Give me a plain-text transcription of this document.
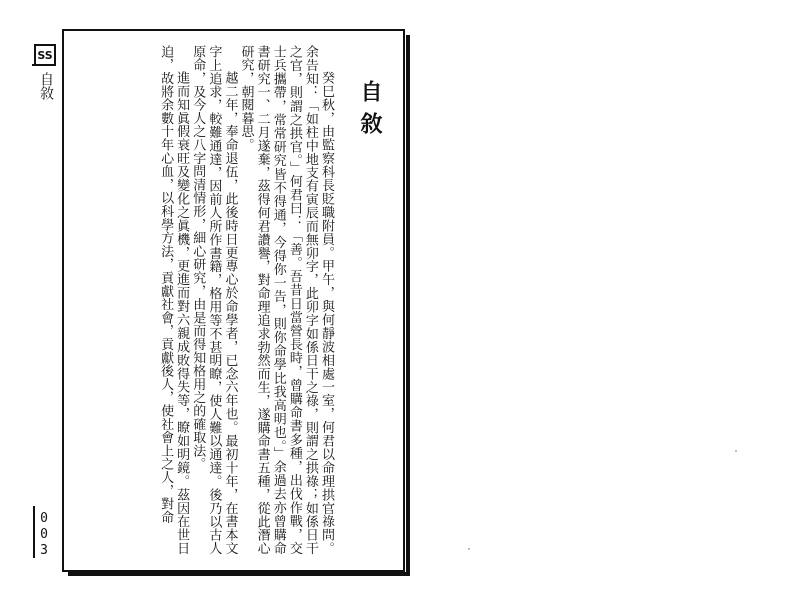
SS
自敘
0
0
3
自敘

癸巳秋，由監察科長貶職附員。甲午，與何靜波相處一室，何君以命理拱官祿問。余告知：「如柱中地支有寅辰而無卯字，此卯字如係日干之祿，則謂之拱祿；如係日干之官，則謂之拱官。」何君曰：「善。吾昔日當營長時，曾購命書多種，出伐作戰，交士兵攜帶，常常研究皆不得通，今得你一告，則你命學比我高明也。」余過去亦曾購命書研究一、二月遂棄，茲得何君讚譽，對命理追求勃然而生，遂購命書五種，從此潛心研究，朝閱暮思。

越二年，奉命退伍，此後時日更專心於命學者，已念六年也。最初十年，在書本文字上追求，較難通達，因前人所作書籍，格用等不甚明瞭，使人難以通達。後乃以古人原命，及今人之八字問清情形，細心研究，由是而得知格用之的確取法。

進而知眞假衰旺及變化之眞機，更進而對六親成敗得失等，瞭如明鏡。茲因在世日迫，故將余數十年心血，以科學方法，貢獻社會，貢獻後人，使社會上之人，對命
